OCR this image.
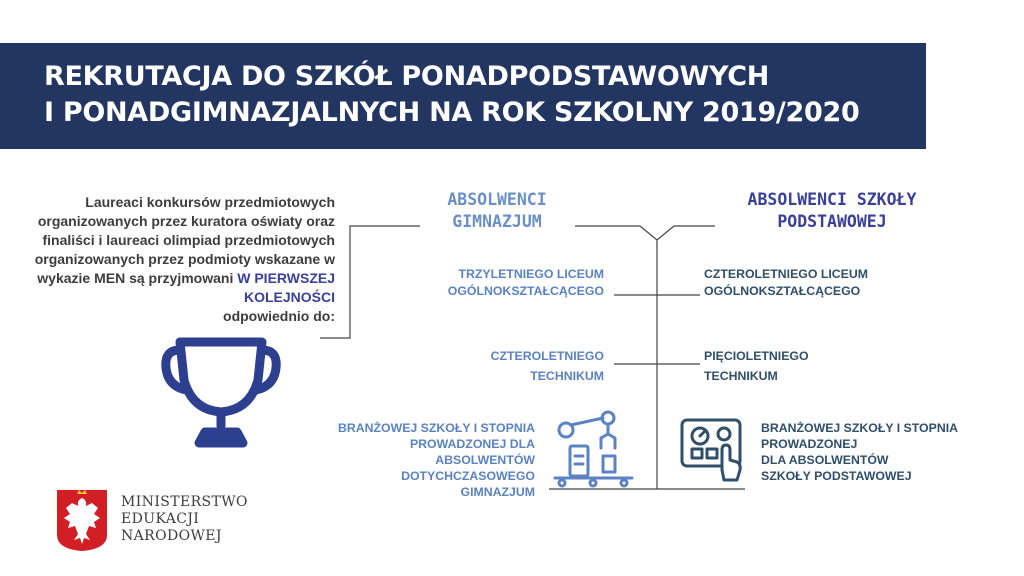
REKRUTACJA DO SZKÓŁ PONADPODSTAWOWYCH
I PONADGIMNAZJALNYCH NA ROK SZKOLNY 2019/2020
Laureaci konkursów przedmiotowych organizowanych przez kuratora oświaty oraz finaliści i laureaci olimpiad przedmiotowych organizowanych przez podmioty wskazane w wykazie MEN są przyjmowani W PIERWSZEJ KOLEJNOŚCI
odpowiednio do:
ABSOLWENCI
GIMNAZJUM
ABSOLWENCI SZKOŁY
PODSTAWOWEJ
TRZYLETNIEGO LICEUM
OGÓLNOKSZTAŁCĄCEGO
CZTEROLETNIEGO LICEUM
OGÓLNOKSZTAŁCĄCEGO
CZTEROLETNIEGO
TECHNIKUM
PIĘCIOLETNIEGO
TECHNIKUM
BRANŻOWEJ SZKOŁY I STOPNIA
PROWADZONEJ DLA
ABSOLWENTÓW
DOTYCHCZASOWEGO
GIMNAZJUM
BRANŻOWEJ SZKOŁY I STOPNIA
PROWADZONEJ
DLA ABSOLWENTÓW
SZKOŁY PODSTAWOWEJ
MINISTERSTWO
EDUKACJI
NARODOWEJ
